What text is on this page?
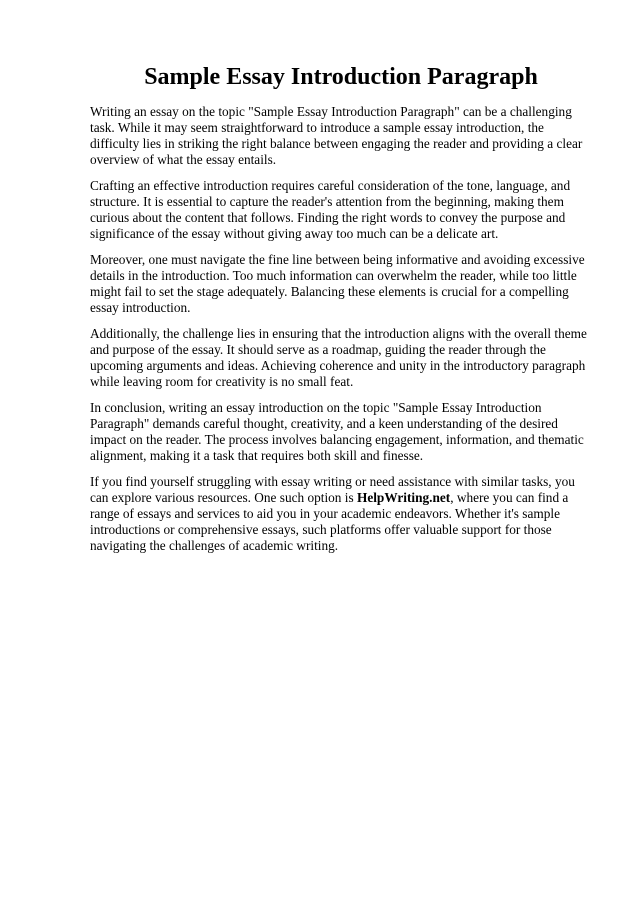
Sample Essay Introduction Paragraph

Writing an essay on the topic "Sample Essay Introduction Paragraph" can be a challenging task. While it may seem straightforward to introduce a sample essay introduction, the difficulty lies in striking the right balance between engaging the reader and providing a clear overview of what the essay entails.

Crafting an effective introduction requires careful consideration of the tone, language, and structure. It is essential to capture the reader's attention from the beginning, making them curious about the content that follows. Finding the right words to convey the purpose and significance of the essay without giving away too much can be a delicate art.

Moreover, one must navigate the fine line between being informative and avoiding excessive details in the introduction. Too much information can overwhelm the reader, while too little might fail to set the stage adequately. Balancing these elements is crucial for a compelling essay introduction.

Additionally, the challenge lies in ensuring that the introduction aligns with the overall theme and purpose of the essay. It should serve as a roadmap, guiding the reader through the upcoming arguments and ideas. Achieving coherence and unity in the introductory paragraph while leaving room for creativity is no small feat.

In conclusion, writing an essay introduction on the topic "Sample Essay Introduction Paragraph" demands careful thought, creativity, and a keen understanding of the desired impact on the reader. The process involves balancing engagement, information, and thematic alignment, making it a task that requires both skill and finesse.

If you find yourself struggling with essay writing or need assistance with similar tasks, you can explore various resources. One such option is HelpWriting.net, where you can find a range of essays and services to aid you in your academic endeavors. Whether it's sample introductions or comprehensive essays, such platforms offer valuable support for those navigating the challenges of academic writing.
